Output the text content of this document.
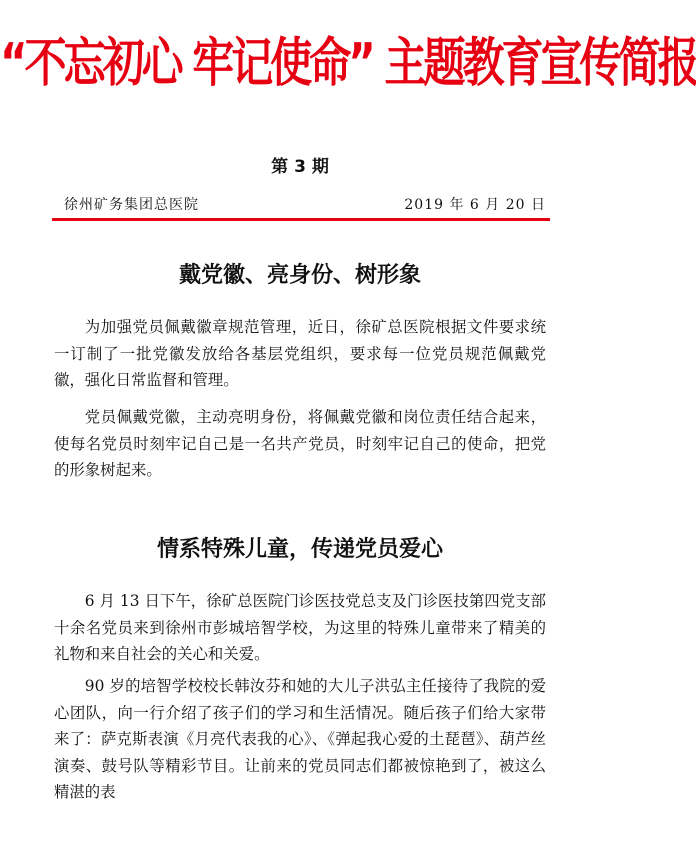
“不忘初心 牢记使命” 主题教育宣传简报
第 3 期
徐州矿务集团总医院	2019 年 6 月 20 日
戴党徽、亮身份、树形象

为加强党员佩戴徽章规范管理，近日，徐矿总医院根据文件要求统一订制了一批党徽发放给各基层党组织，要求每一位党员规范佩戴党徽，强化日常监督和管理。

党员佩戴党徽，主动亮明身份，将佩戴党徽和岗位责任结合起来，使每名党员时刻牢记自己是一名共产党员，时刻牢记自己的使命，把党的形象树起来。

情系特殊儿童，传递党员爱心

6 月 13 日下午，徐矿总医院门诊医技党总支及门诊医技第四党支部十余名党员来到徐州市彭城培智学校，为这里的特殊儿童带来了精美的礼物和来自社会的关心和关爱。

90 岁的培智学校校长韩汝芬和她的大儿子洪弘主任接待了我院的爱心团队，向一行介绍了孩子们的学习和生活情况。随后孩子们给大家带来了：萨克斯表演《月亮代表我的心》、《弹起我心爱的土琵琶》、葫芦丝演奏、鼓号队等精彩节目。让前来的党员同志们都被惊艳到了，被这么精湛的表
